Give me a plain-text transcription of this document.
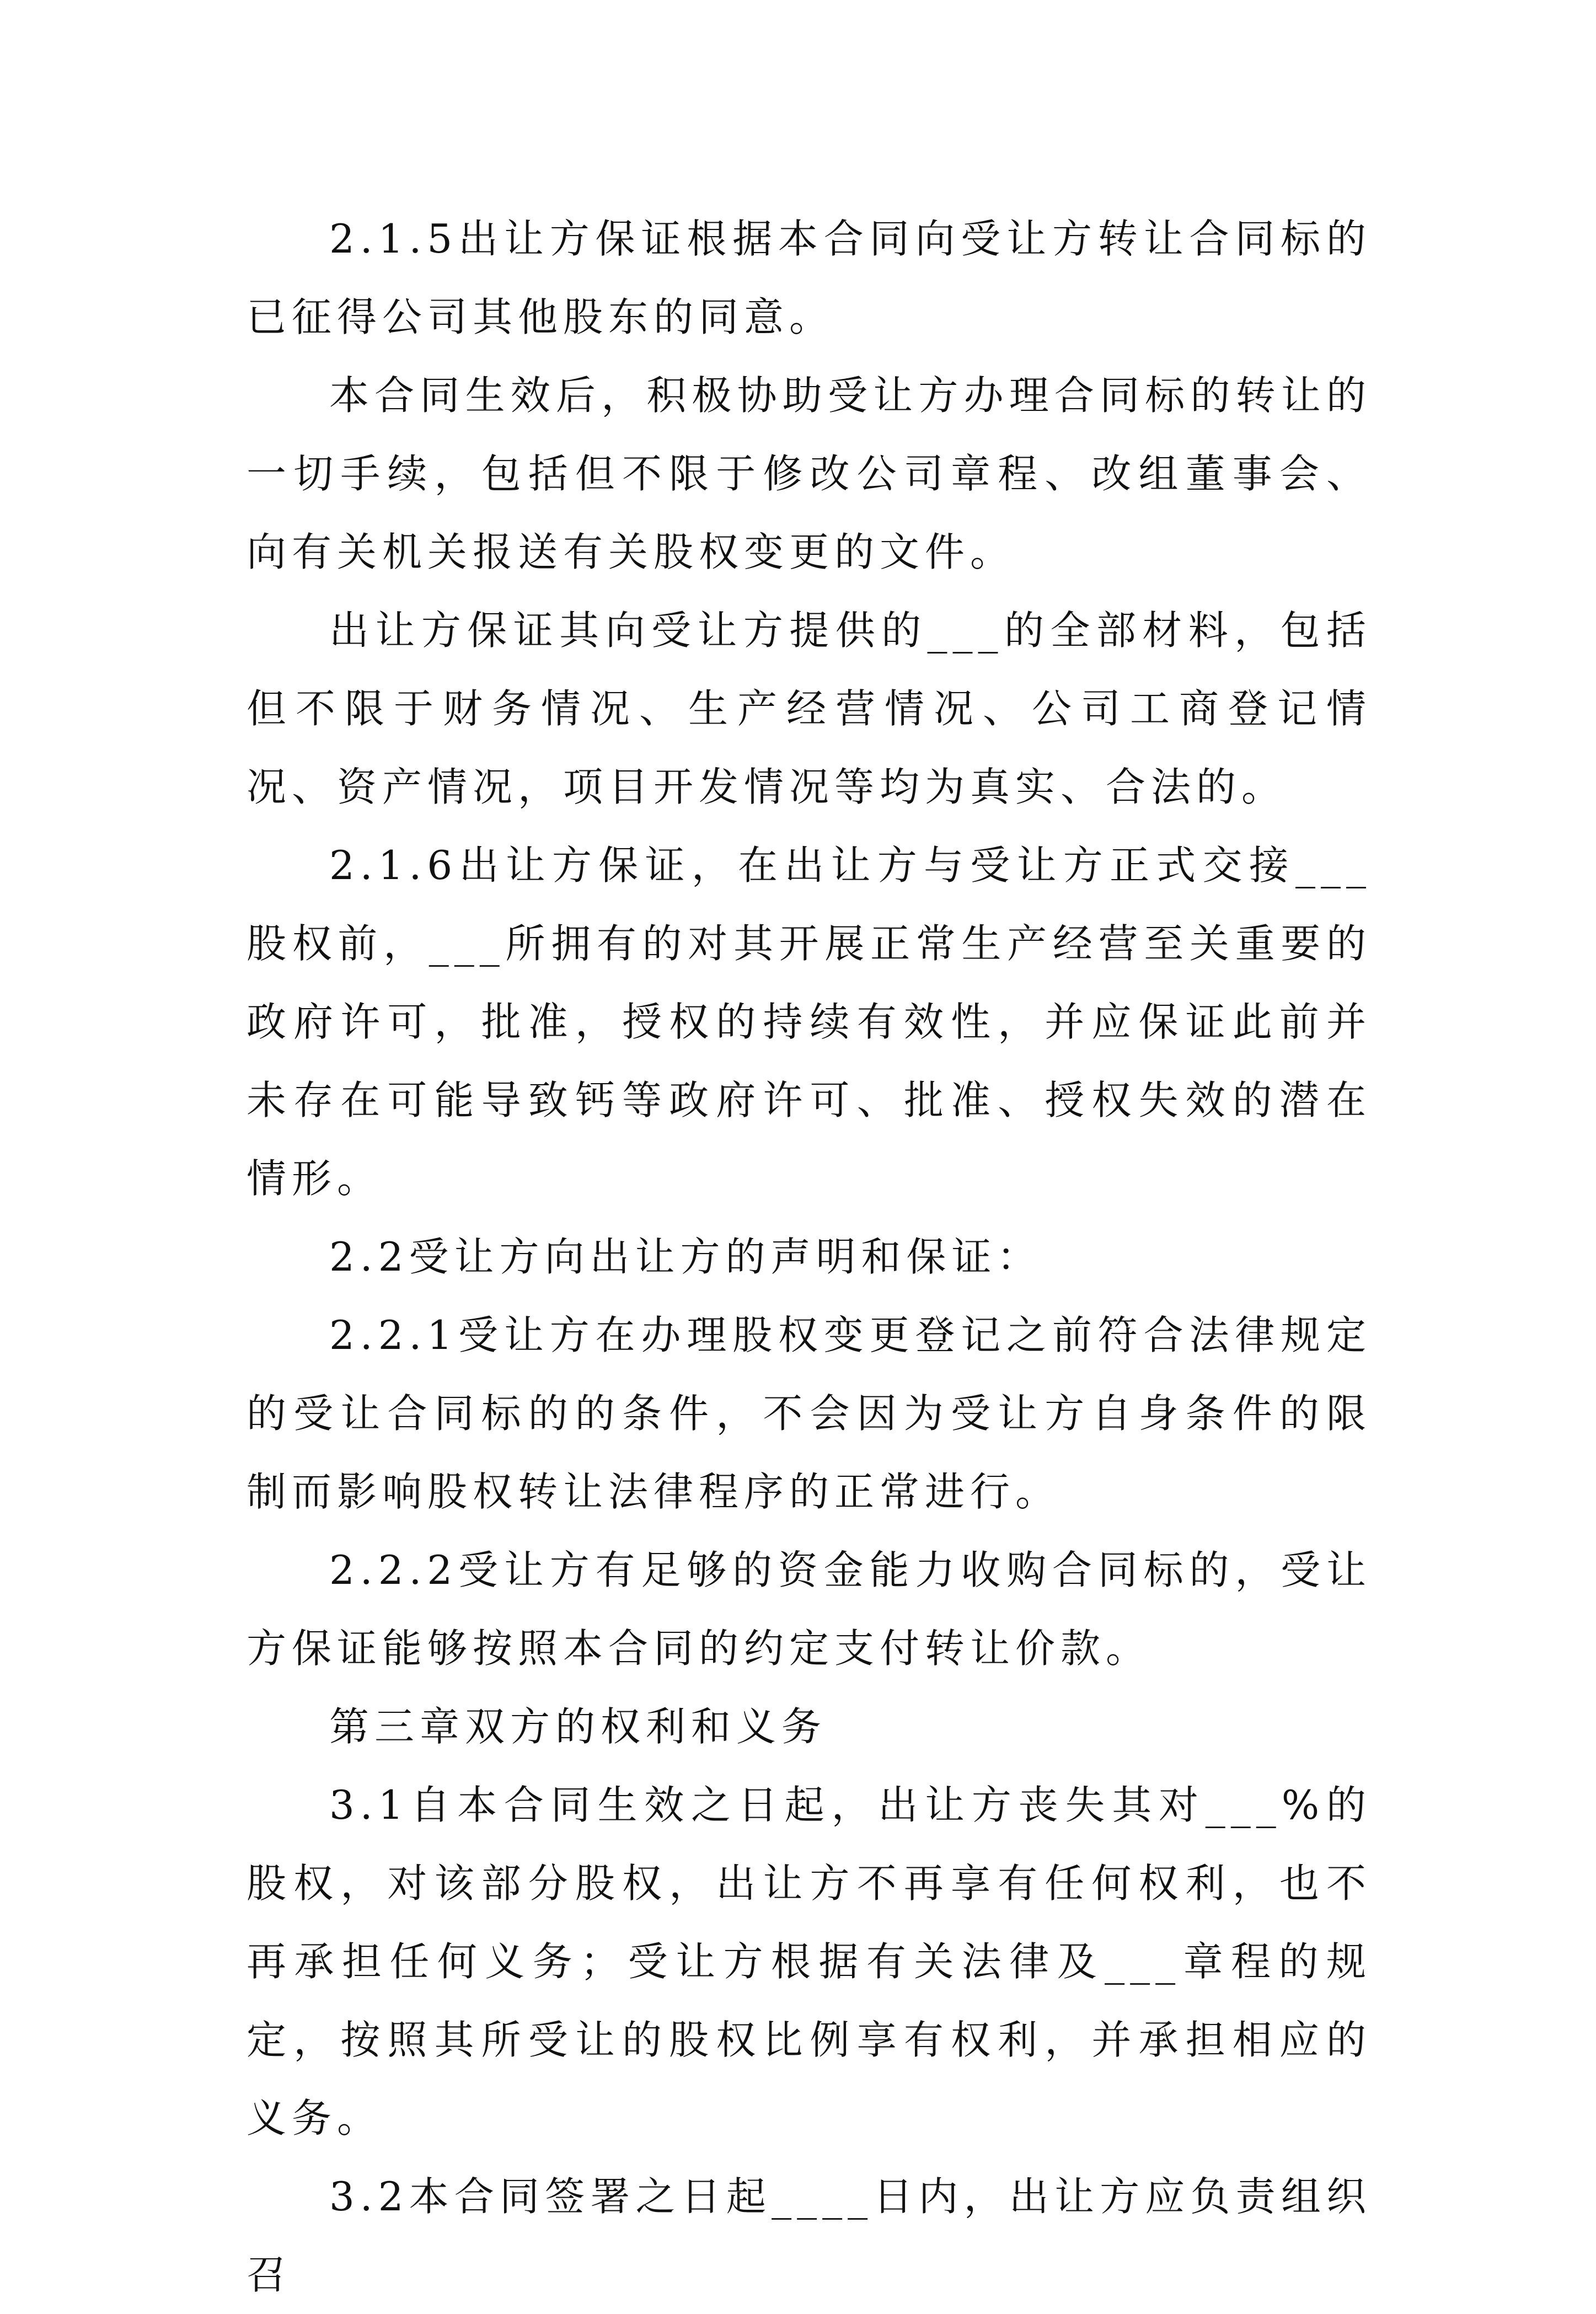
2.1.5出让方保证根据本合同向受让方转让合同标的已征得公司其他股东的同意。

本合同生效后，积极协助受让方办理合同标的转让的一切手续，包括但不限于修改公司章程、改组董事会、向有关机关报送有关股权变更的文件。

出让方保证其向受让方提供的___的全部材料，包括但不限于财务情况、生产经营情况、公司工商登记情况、资产情况，项目开发情况等均为真实、合法的。

2.1.6出让方保证，在出让方与受让方正式交接___股权前，___所拥有的对其开展正常生产经营至关重要的政府许可，批准，授权的持续有效性，并应保证此前并未存在可能导致钙等政府许可、批准、授权失效的潜在情形。

2.2受让方向出让方的声明和保证：

2.2.1受让方在办理股权变更登记之前符合法律规定的受让合同标的的条件，不会因为受让方自身条件的限制而影响股权转让法律程序的正常进行。

2.2.2受让方有足够的资金能力收购合同标的，受让方保证能够按照本合同的约定支付转让价款。

第三章双方的权利和义务

3.1自本合同生效之日起，出让方丧失其对___%的股权，对该部分股权，出让方不再享有任何权利，也不再承担任何义务；受让方根据有关法律及___章程的规定，按照其所受让的股权比例享有权利，并承担相应的义务。

3.2本合同签署之日起____日内，出让方应负责组织召
